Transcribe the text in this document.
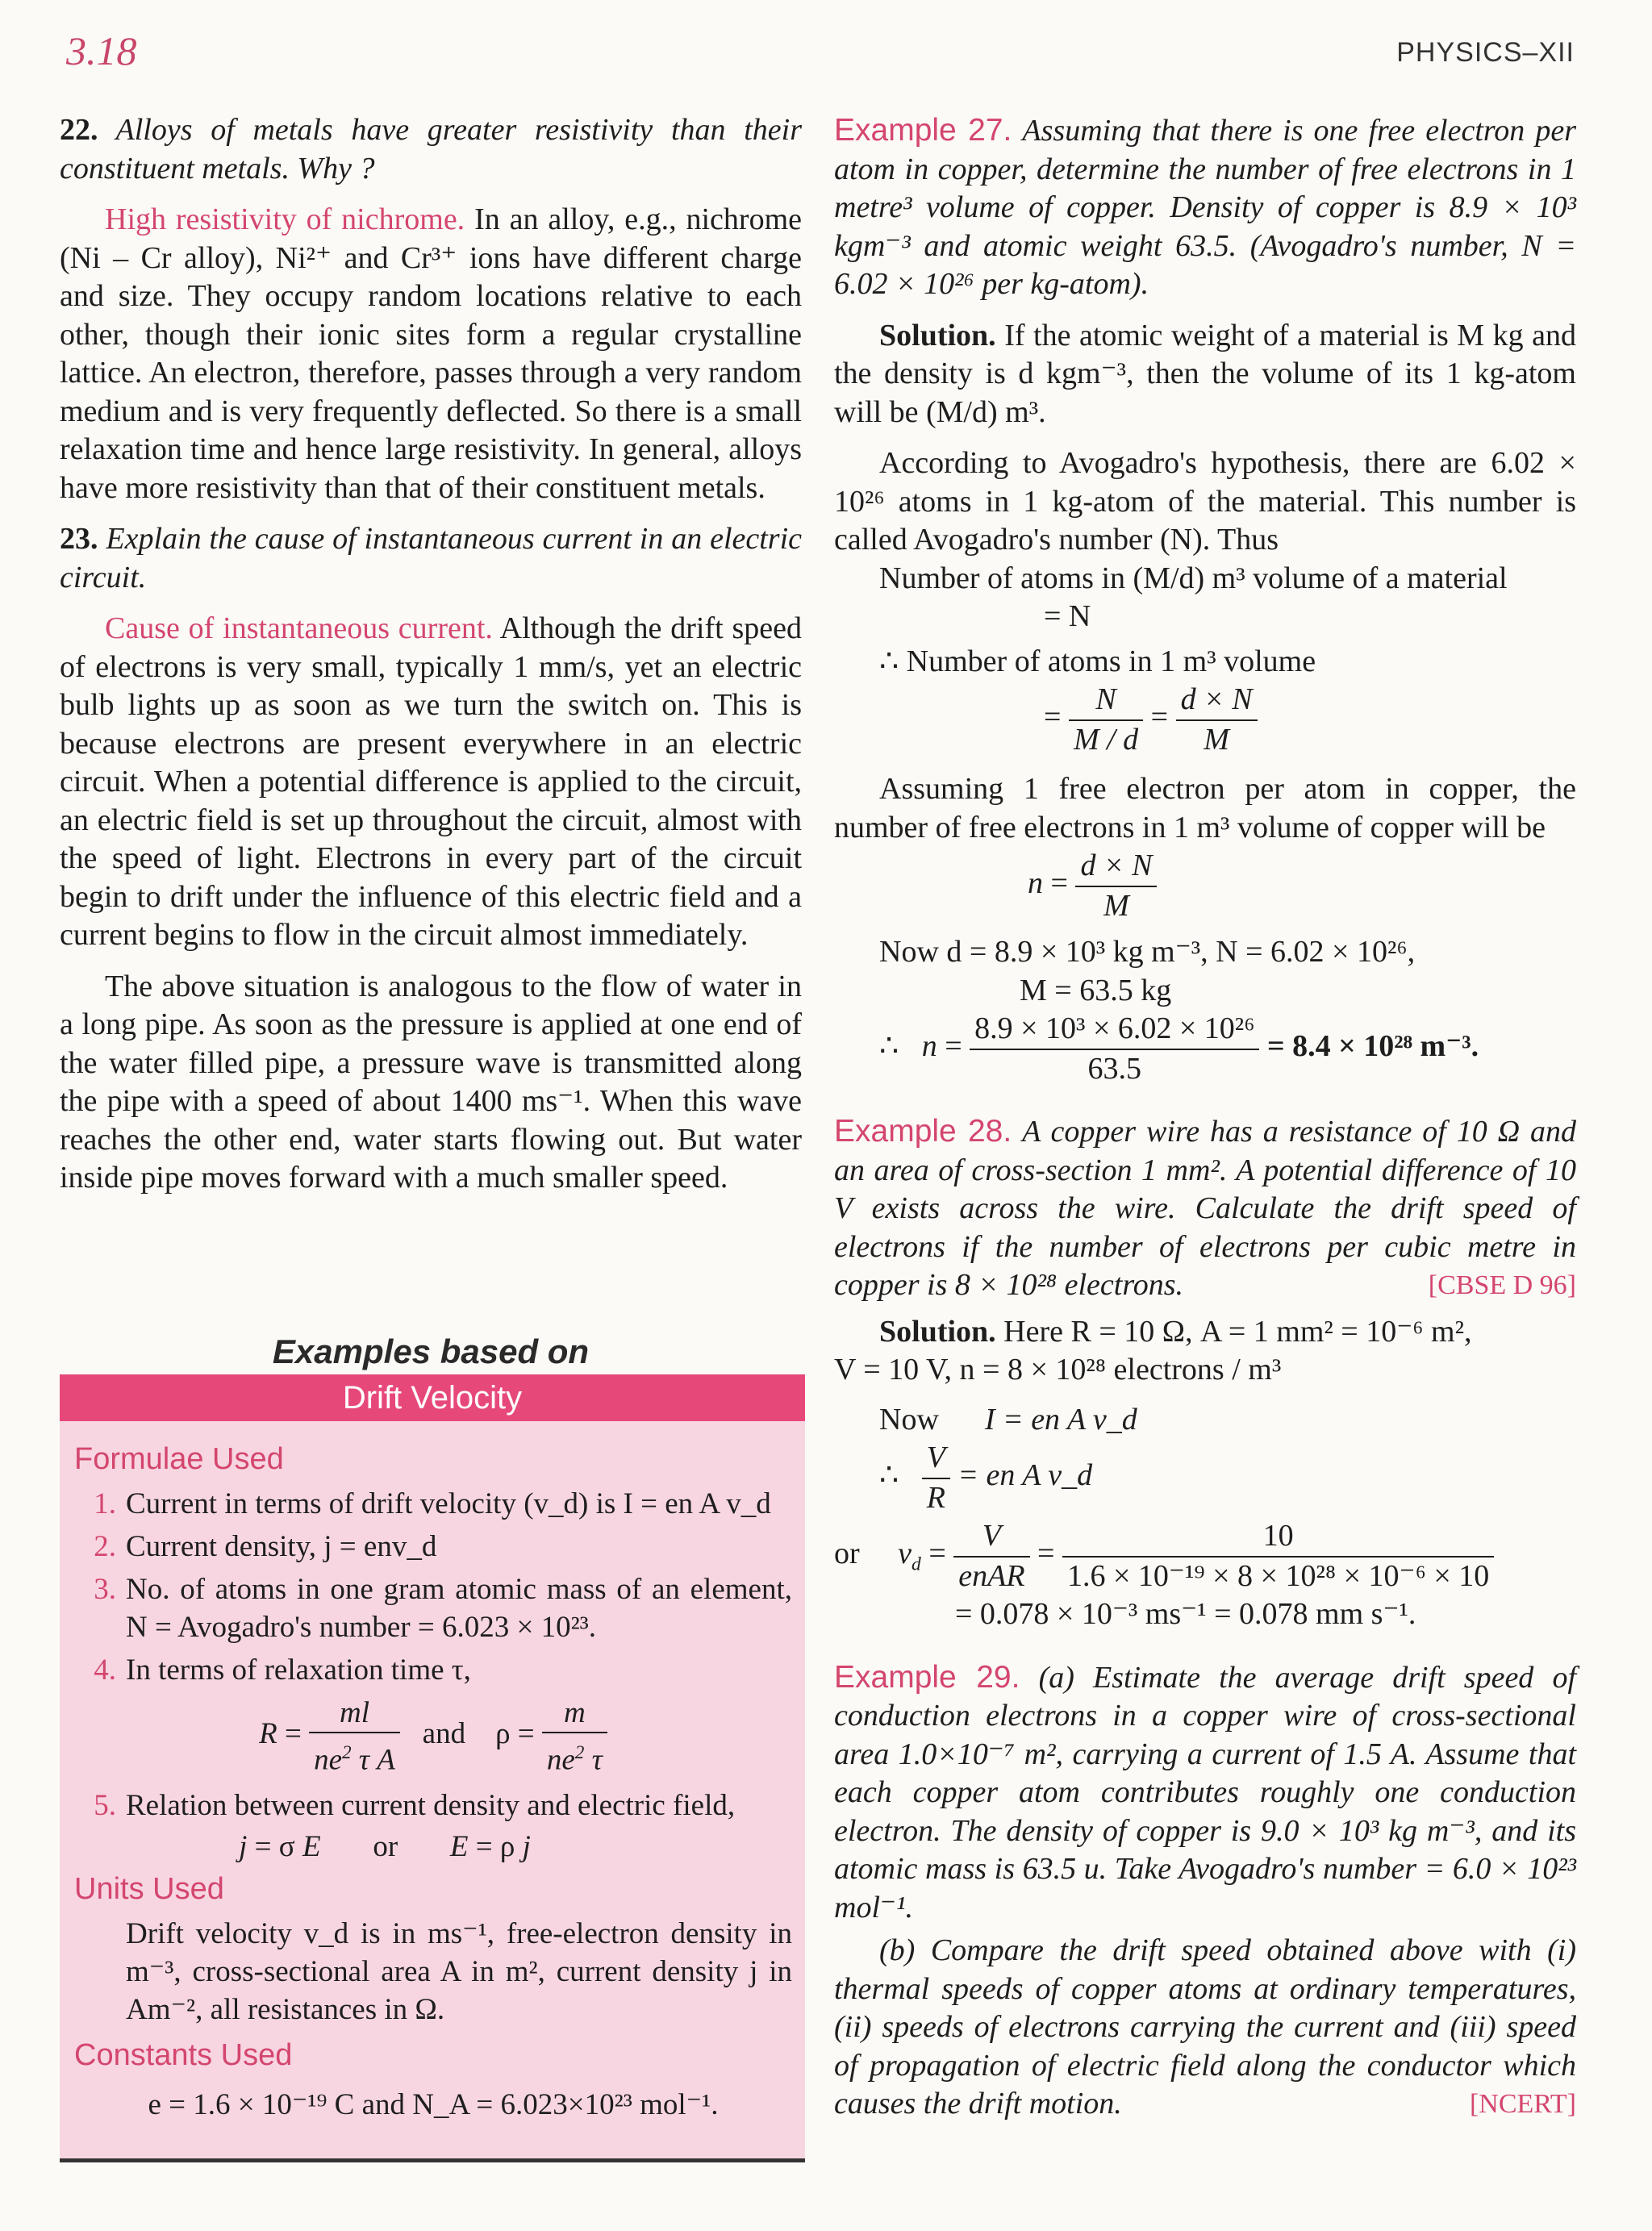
3.18	PHYSICS–XII

22. Alloys of metals have greater resistivity than their constituent metals. Why ?

High resistivity of nichrome. In an alloy, e.g., nichrome (Ni – Cr alloy), Ni²⁺ and Cr³⁺ ions have different charge and size. They occupy random locations relative to each other, though their ionic sites form a regular crystalline lattice. An electron, therefore, passes through a very random medium and is very frequently deflected. So there is a small relaxation time and hence large resistivity. In general, alloys have more resistivity than that of their constituent metals.

23. Explain the cause of instantaneous current in an electric circuit.

Cause of instantaneous current. Although the drift speed of electrons is very small, typically 1 mm/s, yet an electric bulb lights up as soon as we turn the switch on. This is because electrons are present everywhere in an electric circuit. When a potential difference is applied to the circuit, an electric field is set up throughout the circuit, almost with the speed of light. Electrons in every part of the circuit begin to drift under the influence of this electric field and a current begins to flow in the circuit almost immediately.

The above situation is analogous to the flow of water in a long pipe. As soon as the pressure is applied at one end of the water filled pipe, a pressure wave is transmitted along the pipe with a speed of about 1400 ms⁻¹. When this wave reaches the other end, water starts flowing out. But water inside pipe moves forward with a much smaller speed.

Examples based on
Drift Velocity

Formulae Used

1. Current in terms of drift velocity (v_d) is I = en A v_d

2. Current density, j = env_d

3. No. of atoms in one gram atomic mass of an element, N = Avogadro's number = 6.023 × 10²³.

4. In terms of relaxation time τ,

$R = \frac{ml}{ne^2 \tau A}$ and    $\rho = \frac{m}{ne^2 \tau}$

5. Relation between current density and electric field,

j = σ E or E = ρ j

Units Used

Drift velocity v_d is in ms⁻¹, free-electron density in m⁻³, cross-sectional area A in m², current density j in Am⁻², all resistances in Ω.

Constants Used

e = 1.6 × 10⁻¹⁹ C and N_A = 6.023×10²³ mol⁻¹.

Example 27. Assuming that there is one free electron per atom in copper, determine the number of free electrons in 1 metre³ volume of copper. Density of copper is 8.9 × 10³ kgm⁻³ and atomic weight 63.5. (Avogadro's number, N = 6.02 × 10²⁶ per kg-atom).

Solution. If the atomic weight of a material is M kg and the density is d kgm⁻³, then the volume of its 1 kg-atom will be (M/d) m³.

According to Avogadro's hypothesis, there are 6.02 × 10²⁶ atoms in 1 kg-atom of the material. This number is called Avogadro's number (N). Thus

Number of atoms in (M/d) m³ volume of a material

= N

∴ Number of atoms in 1 m³ volume

= $\frac{N}{M / d} = \frac{d \times N}{M}$

Assuming 1 free electron per atom in copper, the number of free electrons in 1 m³ volume of copper will be

$n = \frac{d \times N}{M}$

Now d = 8.9 × 10³ kg m⁻³, N = 6.02 × 10²⁶,

M = 63.5 kg

∴   $n = \frac{\text{8.9 × 10³ × 6.02 × 10²⁶}}{63.5} = 8.4 \times 10^{28}$ m⁻³.

Example 28. A copper wire has a resistance of 10 Ω and an area of cross-section 1 mm². A potential difference of 10 V exists across the wire. Calculate the drift speed of electrons if the number of electrons per cubic metre in copper is 8 × 10²⁸ electrons.	[CBSE D 96]

Solution. Here R = 10 Ω, A = 1 mm² = 10⁻⁶ m²,

V = 10 V, n = 8 × 10²⁸ electrons / m³

Now I = en A v_d

∴ $\frac{V}{R}$ = en A v_d
or $v_d = \frac{V}{\text{enAR}} = \frac{10}{\text{1.6 × 10⁻¹⁹ × 8 × 10²⁸ × 10⁻⁶ × 10}}$

= 0.078 × 10⁻³ ms⁻¹ = 0.078 mm s⁻¹.

Example 29. (a) Estimate the average drift speed of conduction electrons in a copper wire of cross-sectional area 1.0×10⁻⁷ m², carrying a current of 1.5 A. Assume that each copper atom contributes roughly one conduction electron. The density of copper is 9.0 × 10³ kg m⁻³, and its atomic mass is 63.5 u. Take Avogadro's number = 6.0 × 10²³ mol⁻¹.

(b) Compare the drift speed obtained above with (i) thermal speeds of copper atoms at ordinary temperatures, (ii) speeds of electrons carrying the current and (iii) speed of propagation of electric field along the conductor which causes the drift motion.	[NCERT]
